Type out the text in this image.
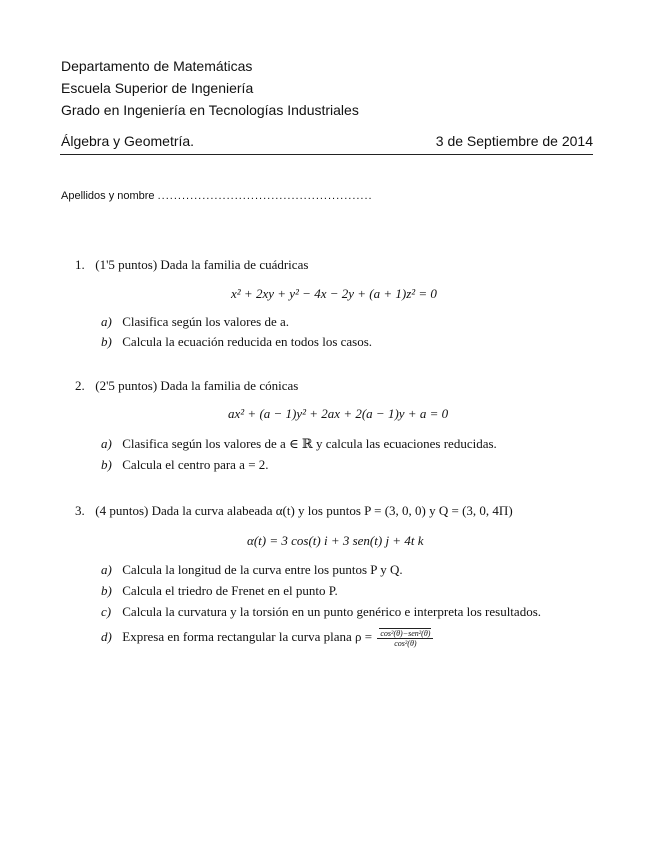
Departamento de Matemáticas
Escuela Superior de Ingeniería
Grado en Ingeniería en Tecnologías Industriales
Álgebra y Geometría.	3 de Septiembre de 2014
Apellidos y nombre .....................................................
1. (1'5 puntos) Dada la familia de cuádricas
x² + 2xy + y² − 4x − 2y + (a + 1)z² = 0
a) Clasifica según los valores de a.
b) Calcula la ecuación reducida en todos los casos.
2. (2'5 puntos) Dada la familia de cónicas
ax² + (a − 1)y² + 2ax + 2(a − 1)y + a = 0
a) Clasifica según los valores de a ∈ ℝ y calcula las ecuaciones reducidas.
b) Calcula el centro para a = 2.
3. (4 puntos) Dada la curva alabeada α(t) y los puntos P = (3, 0, 0) y Q = (3, 0, 4Π)
α(t) = 3 cos(t) i + 3 sen(t) j + 4t k
a) Calcula la longitud de la curva entre los puntos P y Q.
b) Calcula el triedro de Frenet en el punto P.
c) Calcula la curvatura y la torsión en un punto genérico e interpreta los resultados.
d) Expresa en forma rectangular la curva plana $\rho = \frac{\text{cos²(θ)−sen²(θ)}}{\text{cos²(θ)}}$
